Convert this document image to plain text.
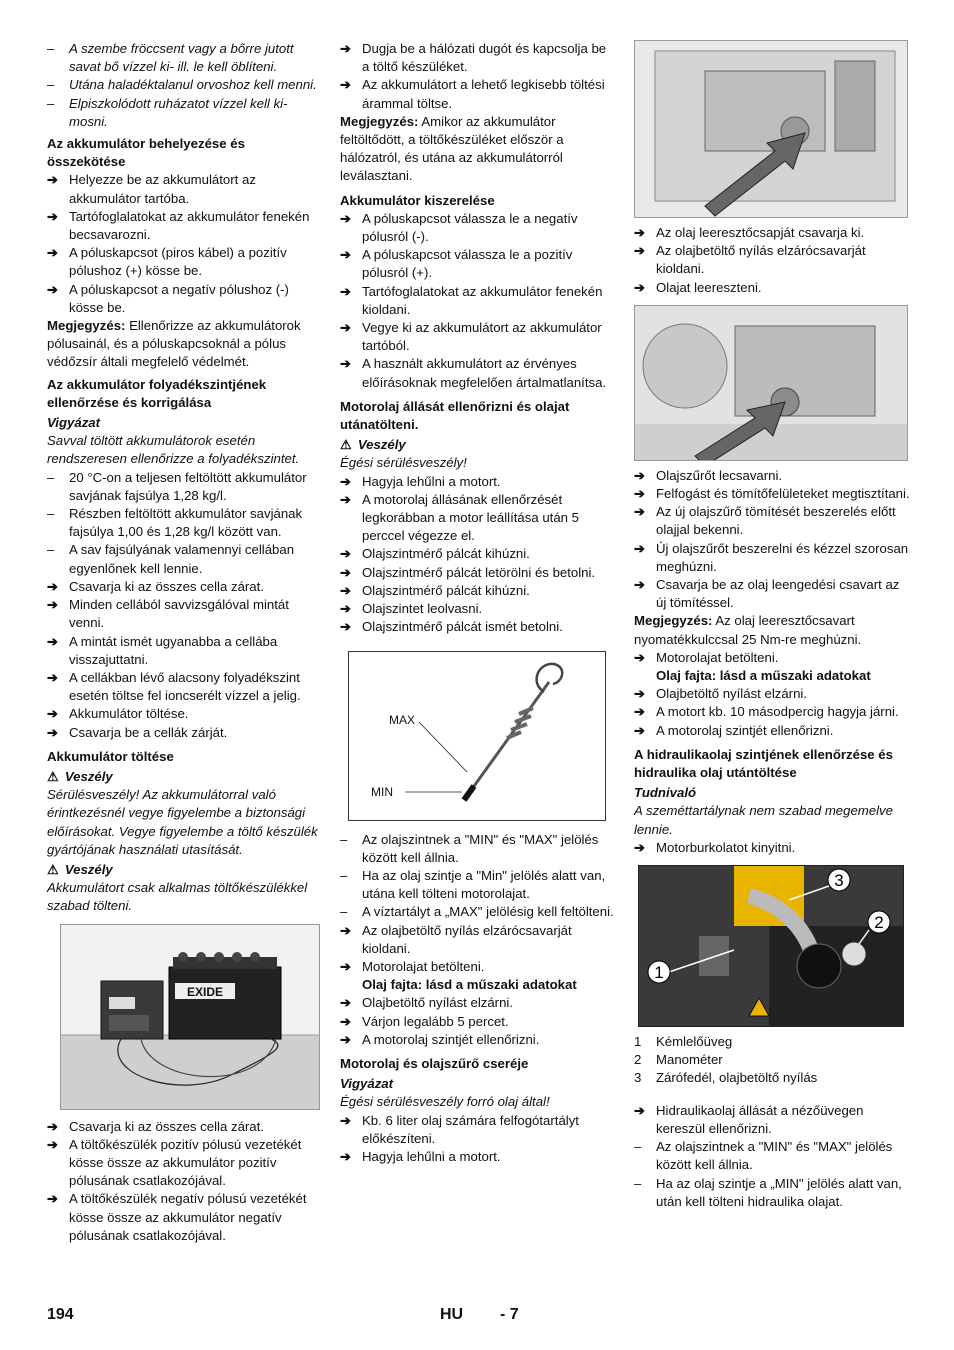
– A szembe fröccsent vagy a bőrre jutott savat bő vízzel ki- ill. le kell öblíteni.

– Utána haladéktalanul orvoshoz kell menni.

– Elpiszkolódott ruházatot vízzel kell ki-mosni.

Az akkumulátor behelyezése és összekötése

➔ Helyezze be az akkumulátort az akkumulátor tartóba.

➔ Tartófoglalatokat az akkumulátor fenekén becsavarozni.

➔ A póluskapcsot (piros kábel) a pozitív pólushoz (+) kösse be.

➔ A póluskapcsot a negatív pólushoz (-) kösse be.

Megjegyzés: Ellenőrizze az akkumulátorok pólusainál, és a póluskapcsoknál a pólus védőzsír általi megfelelő védelmét.

Az akkumulátor folyadékszintjének ellenőrzése és korrigálása

Vigyázat

Savval töltött akkumulátorok esetén rendszeresen ellenőrizze a folyadékszintet.

– 20 °C-on a teljesen feltöltött akkumulátor savjának fajsúlya 1,28 kg/l.

– Részben feltöltött akkumulátor savjának fajsúlya 1,00 és 1,28 kg/l között van.

– A sav fajsúlyának valamennyi cellában egyenlőnek kell lennie.

➔ Csavarja ki az összes cella zárat.

➔ Minden cellából savvizsgálóval mintát venni.

➔ A mintát ismét ugyanabba a cellába visszajuttatni.

➔ A cellákban lévő alacsony folyadékszint esetén töltse fel ioncserélt vízzel a jelig.

➔ Akkumulátor töltése.

➔ Csavarja be a cellák zárját.

Akkumulátor töltése

⚠ Veszély

Sérülésveszély! Az akkumulátorral való érintkezésnél vegye figyelembe a biztonsági előírásokat. Vegye figyelembe a töltő készülék gyártójának használati utasítását.

⚠ Veszély

Akkumulátort csak alkalmas töltőkészülékkel szabad tölteni.

EXIDE

➔ Csavarja ki az összes cella zárat.

➔ A töltőkészülék pozitív pólusú vezetékét kösse össze az akkumulátor pozitív pólusának csatlakozójával.

➔ A töltőkészülék negatív pólusú vezetékét kösse össze az akkumulátor negatív pólusának csatlakozójával.

➔ Dugja be a hálózati dugót és kapcsolja be a töltő készüléket.

➔ Az akkumulátort a lehető legkisebb töltési árammal töltse.

Megjegyzés: Amikor az akkumulátor feltöltődött, a töltőkészüléket először a hálózatról, és utána az akkumulátorról leválasztani.

Akkumulátor kiszerelése

➔ A póluskapcsot válassza le a negatív pólusról (-).

➔ A póluskapcsot válassza le a pozitív pólusról (+).

➔ Tartófoglalatokat az akkumulátor fenekén kioldani.

➔ Vegye ki az akkumulátort az akkumulátor tartóból.

➔ A használt akkumulátort az érvényes előírásoknak megfelelően ártalmatlanítsa.

Motorolaj állását ellenőrizni és olajat utánatölteni.

⚠ Veszély

Égési sérülésveszély!

➔ Hagyja lehűlni a motort.

➔ A motorolaj állásának ellenőrzését legkorábban a motor leállítása után 5 perccel végezze el.

➔ Olajszintmérő pálcát kihúzni.

➔ Olajszintmérő pálcát letörölni és betolni.

➔ Olajszintmérő pálcát kihúzni.

➔ Olajszintet leolvasni.

➔ Olajszintmérő pálcát ismét betolni.

MAX
MIN

– Az olajszintnek a "MIN" és "MAX" jelölés között kell állnia.

– Ha az olaj szintje a "Min" jelölés alatt van, utána kell tölteni motorolajat.

– A víztartályt a „MAX" jelölésig kell feltölteni.

➔ Az olajbetöltő nyílás elzárócsavarját kioldani.

➔ Motorolajat betölteni.

Olaj fajta: lásd a műszaki adatokat

➔ Olajbetöltő nyílást elzárni.

➔ Várjon legalább 5 percet.

➔ A motorolaj szintjét ellenőrizni.

Motorolaj és olajszűrő cseréje

Vigyázat

Égési sérülésveszély forró olaj által!

➔ Kb. 6 liter olaj számára felfogótartályt előkészíteni.

➔ Hagyja lehűlni a motort.

➔ Az olaj leeresztőcsapját csavarja ki.

➔ Az olajbetöltő nyílás elzárócsavarját kioldani.

➔ Olajat leereszteni.

➔ Olajszűrőt lecsavarni.

➔ Felfogást és tömítőfelületeket megtisztítani.

➔ Az új olajszűrő tömítését beszerelés előtt olajjal bekenni.

➔ Új olajszűrőt beszerelni és kézzel szorosan meghúzni.

➔ Csavarja be az olaj leengedési csavart az új tömítéssel.

Megjegyzés: Az olaj leeresztőcsavart nyomatékkulccsal 25 Nm-re meghúzni.

➔ Motorolajat betölteni.

Olaj fajta: lásd a műszaki adatokat

➔ Olajbetöltő nyílást elzárni.

➔ A motort kb. 10 másodpercig hagyja járni.

➔ A motorolaj szintjét ellenőrizni.

A hidraulikaolaj szintjének ellenőrzése és hidraulika olaj utántöltése

Tudnivaló

A szeméttartálynak nem szabad megemelve lennie.

➔ Motorburkolatot kinyitni.

1
2
3

1 Kémlelőüveg

2 Manométer

3 Zárófedél, olajbetöltő nyílás

➔ Hidraulikaolaj állását a nézőüvegen kereszül ellenőrizni.

– Az olajszintnek a "MIN" és "MAX" jelölés között kell állnia.

– Ha az olaj szintje a „MIN" jelölés alatt van, után kell tölteni hidraulika olajat.

194	HU - 7
